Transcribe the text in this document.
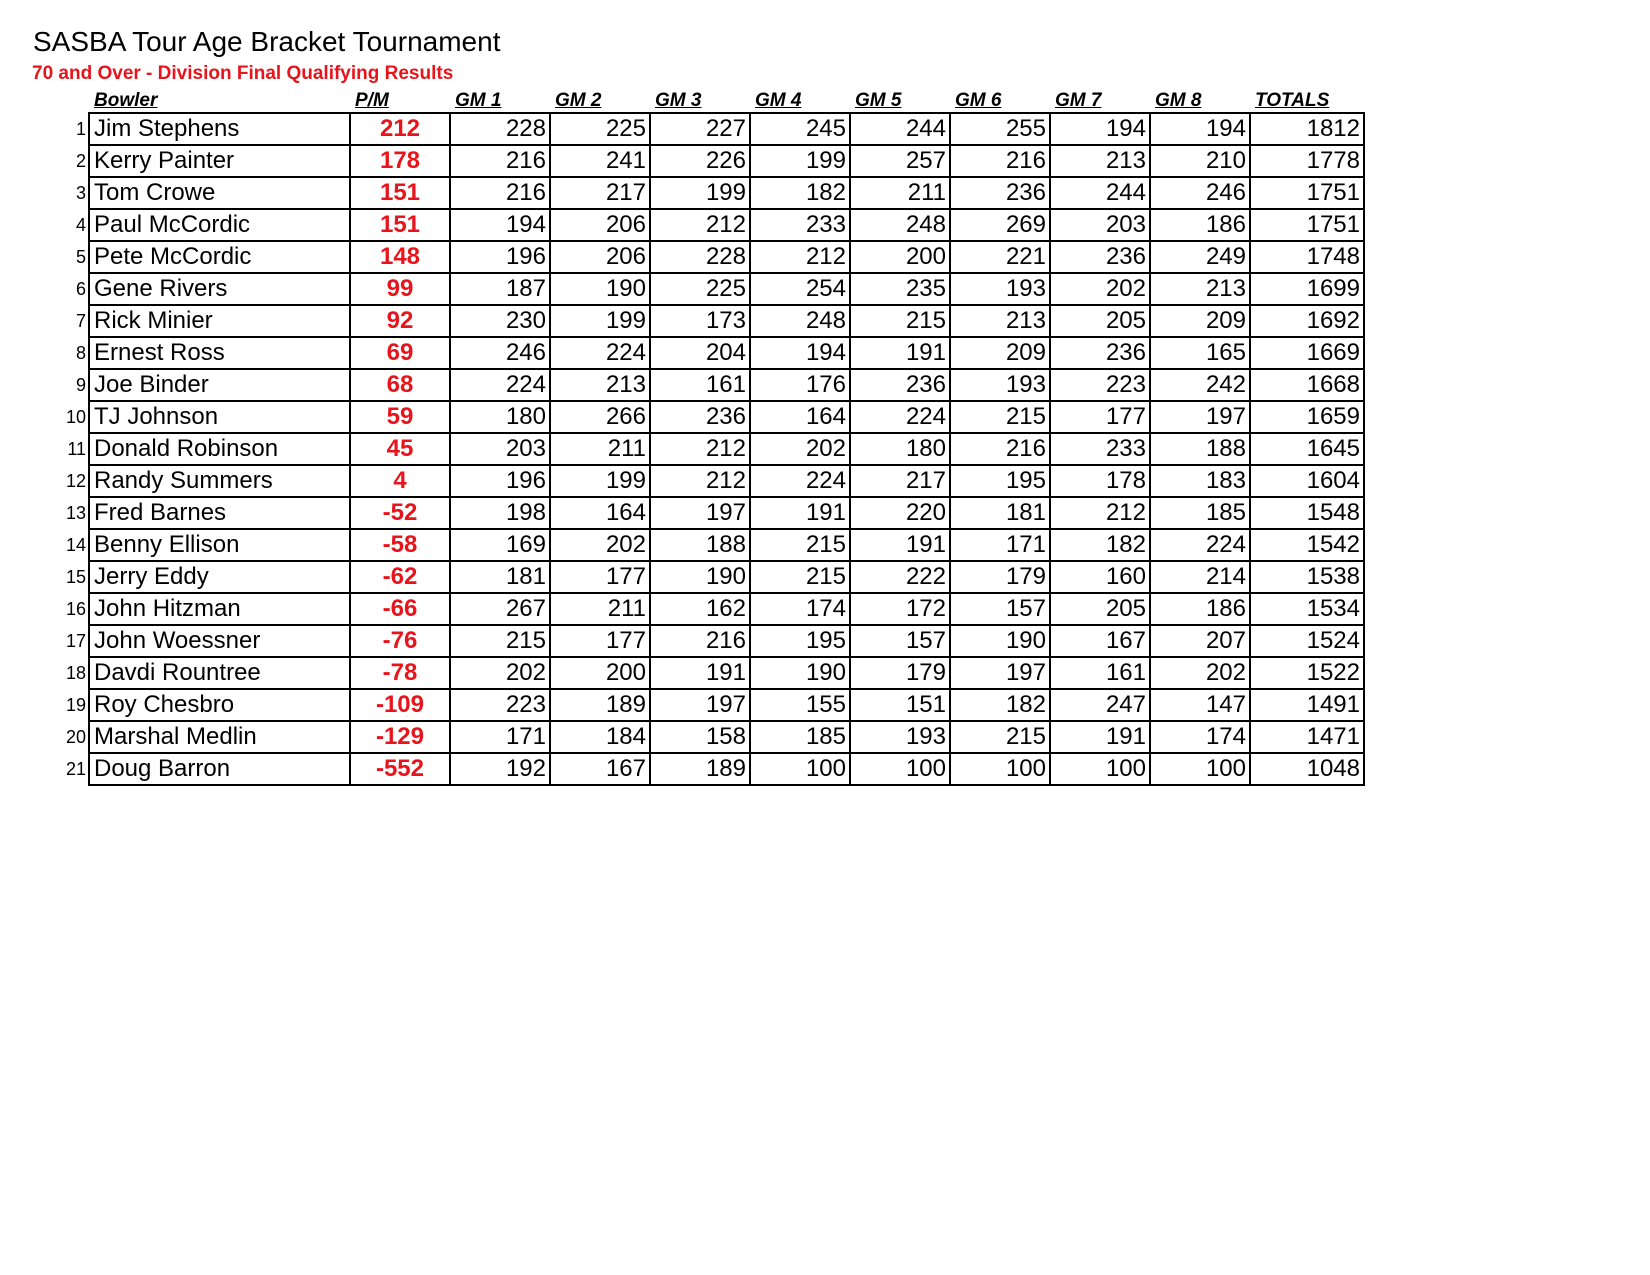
SASBA Tour Age Bracket Tournament
70 and Over - Division Final Qualifying Results
	Bowler	P/M	GM 1	GM 2	GM 3	GM 4	GM 5	GM 6	GM 7	GM 8	TOTALS
1	Jim Stephens	212	228	225	227	245	244	255	194	194	1812
2	Kerry Painter	178	216	241	226	199	257	216	213	210	1778
3	Tom Crowe	151	216	217	199	182	211	236	244	246	1751
4	Paul McCordic	151	194	206	212	233	248	269	203	186	1751
5	Pete McCordic	148	196	206	228	212	200	221	236	249	1748
6	Gene Rivers	99	187	190	225	254	235	193	202	213	1699
7	Rick Minier	92	230	199	173	248	215	213	205	209	1692
8	Ernest Ross	69	246	224	204	194	191	209	236	165	1669
9	Joe Binder	68	224	213	161	176	236	193	223	242	1668
10	TJ Johnson	59	180	266	236	164	224	215	177	197	1659
11	Donald Robinson	45	203	211	212	202	180	216	233	188	1645
12	Randy Summers	4	196	199	212	224	217	195	178	183	1604
13	Fred Barnes	-52	198	164	197	191	220	181	212	185	1548
14	Benny Ellison	-58	169	202	188	215	191	171	182	224	1542
15	Jerry Eddy	-62	181	177	190	215	222	179	160	214	1538
16	John Hitzman	-66	267	211	162	174	172	157	205	186	1534
17	John Woessner	-76	215	177	216	195	157	190	167	207	1524
18	Davdi Rountree	-78	202	200	191	190	179	197	161	202	1522
19	Roy Chesbro	-109	223	189	197	155	151	182	247	147	1491
20	Marshal Medlin	-129	171	184	158	185	193	215	191	174	1471
21	Doug Barron	-552	192	167	189	100	100	100	100	100	1048
